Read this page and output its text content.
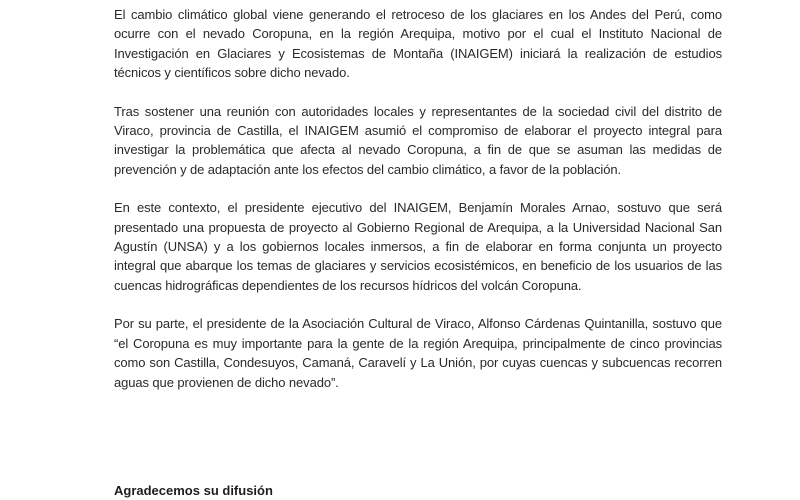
El cambio climático global viene generando el retroceso de los glaciares en los Andes del Perú, como ocurre con el nevado Coropuna, en la región Arequipa, motivo por el cual el Instituto Nacional de Investigación en Glaciares y Ecosistemas de Montaña (INAIGEM) iniciará la realización de estudios técnicos y científicos sobre dicho nevado.

Tras sostener una reunión con autoridades locales y representantes de la sociedad civil del distrito de Viraco, provincia de Castilla, el INAIGEM asumió el compromiso de elaborar el proyecto integral para investigar la problemática que afecta al nevado Coropuna, a fin de que se asuman las medidas de prevención y de adaptación ante los efectos del cambio climático, a favor de la población.

En este contexto, el presidente ejecutivo del INAIGEM, Benjamín Morales Arnao, sostuvo que será presentado una propuesta de proyecto al Gobierno Regional de Arequipa, a la Universidad Nacional San Agustín (UNSA) y a los gobiernos locales inmersos, a fin de elaborar en forma conjunta un proyecto integral que abarque los temas de glaciares y servicios ecosistémicos, en beneficio de los usuarios de las cuencas hidrográficas dependientes de los recursos hídricos del volcán Coropuna.

Por su parte, el presidente de la Asociación Cultural de Viraco, Alfonso Cárdenas Quintanilla, sostuvo que “el Coropuna es muy importante para la gente de la región Arequipa, principalmente de cinco provincias como son Castilla, Condesuyos, Camaná, Caravelí y La Unión, por cuyas cuencas y subcuencas recorren aguas que provienen de dicho nevado”.

Agradecemos su difusión
